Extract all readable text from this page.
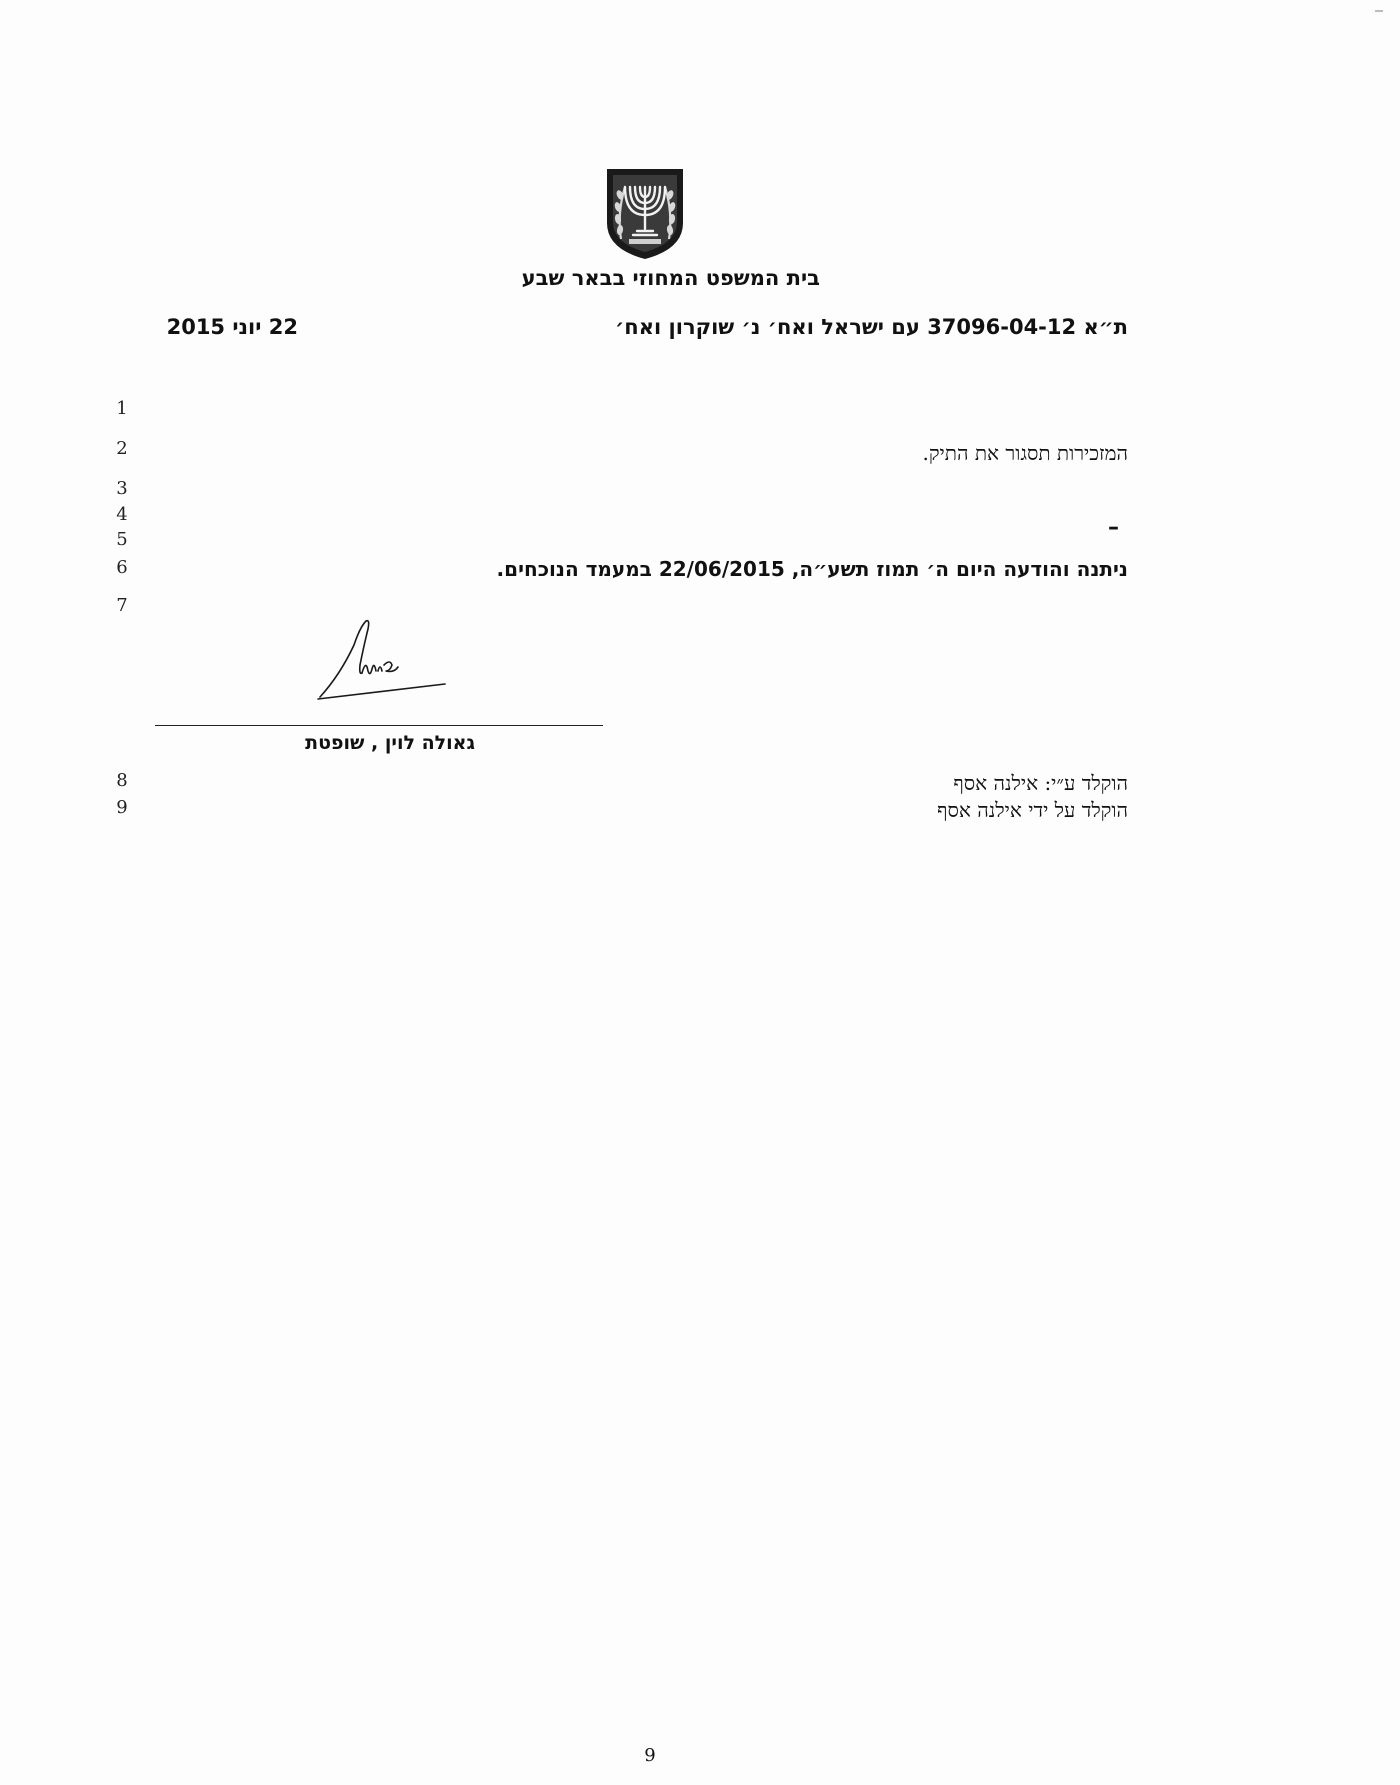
בית המשפט המחוזי בבאר שבע
ת״א 37096-04-12 עם ישראל ואח׳ נ׳ שוקרון ואח׳
22 יוני 2015
1
2
3
4
5
6
7
8
9
המזכירות תסגור את התיק.
–
ניתנה והודעה היום ה׳ תמוז תשע״ה, 22/06/2015 במעמד הנוכחים.
גאולה לוין , שופטת
הוקלד ע״י: אילנה אסף
הוקלד על ידי אילנה אסף
9
